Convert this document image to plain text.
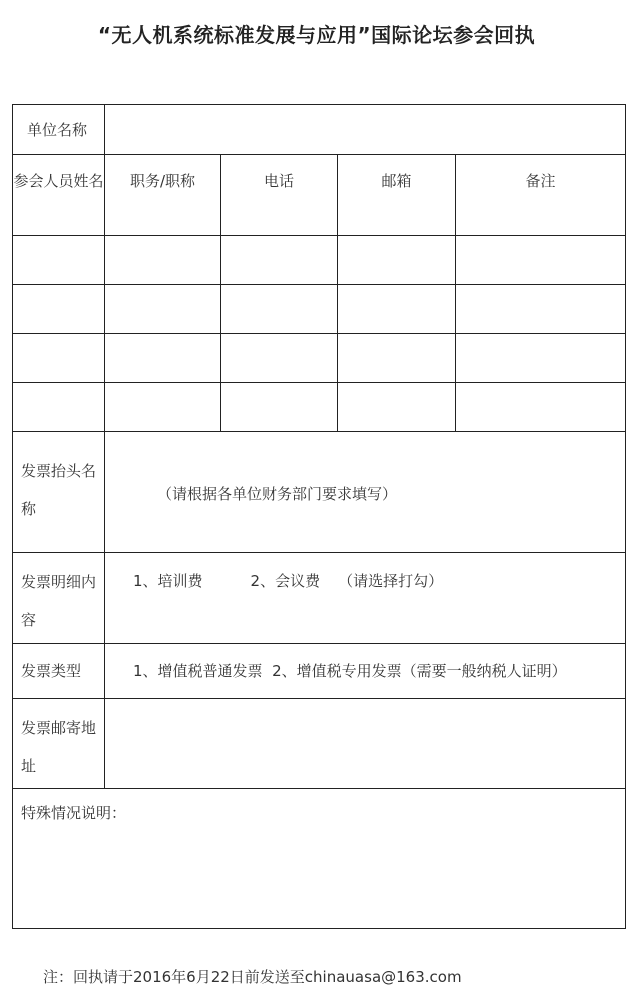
“无人机系统标准发展与应用”国际论坛参会回执
单位名称				
参会人员姓名	职务/职称	电话	邮箱	备注

发票抬头名称	（请根据各单位财务部门要求填写）			
发票明细内容	1、培训费 2、会议费 （请选择打勾）			
发票类型	1、增值税普通发票  2、增值税专用发票（需要一般纳税人证明）			
发票邮寄地址				
特殊情况说明：				
注：回执请于2016年6月22日前发送至chinauasa@163.com
